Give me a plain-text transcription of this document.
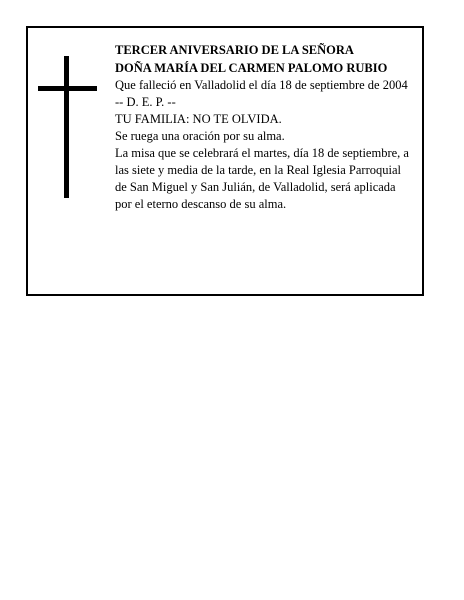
TERCER ANIVERSARIO DE LA SEÑORA

DOÑA MARÍA DEL CARMEN PALOMO RUBIO

Que falleció en Valladolid el día 18 de septiembre de 2004

-- D. E. P. --

TU FAMILIA: NO TE OLVIDA.

Se ruega una oración por su alma.

La misa que se celebrará el martes, día 18 de septiembre, a las siete y media de la tarde, en la Real Iglesia Parroquial de San Miguel y San Julián, de Valladolid, será aplicada por el eterno descanso de su alma.
